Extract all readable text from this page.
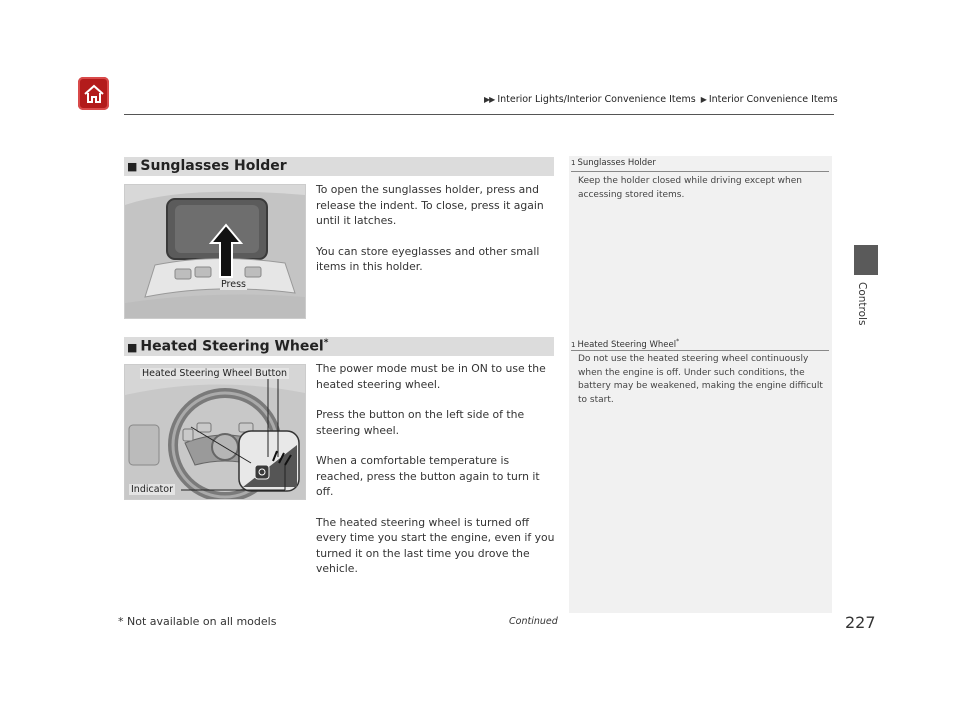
▶▶ Interior Lights/Interior Convenience Items ▶ Interior Convenience Items
Controls
■ Sunglasses Holder
Press

To open the sunglasses holder, press and release the indent. To close, press it again until it latches.

You can store eyeglasses and other small items in this holder.

1 Sunglasses Holder
Keep the holder closed while driving except when accessing stored items.
■ Heated Steering Wheel*
Heated Steering Wheel Button
Indicator

The power mode must be in ON to use the heated steering wheel.

Press the button on the left side of the steering wheel.

When a comfortable temperature is reached, press the button again to turn it off.

The heated steering wheel is turned off every time you start the engine, even if you turned it on the last time you drove the vehicle.

1 Heated Steering Wheel*
Do not use the heated steering wheel continuously when the engine is off. Under such conditions, the battery may be weakened, making the engine difficult to start.
* Not available on all models	Continued	227
